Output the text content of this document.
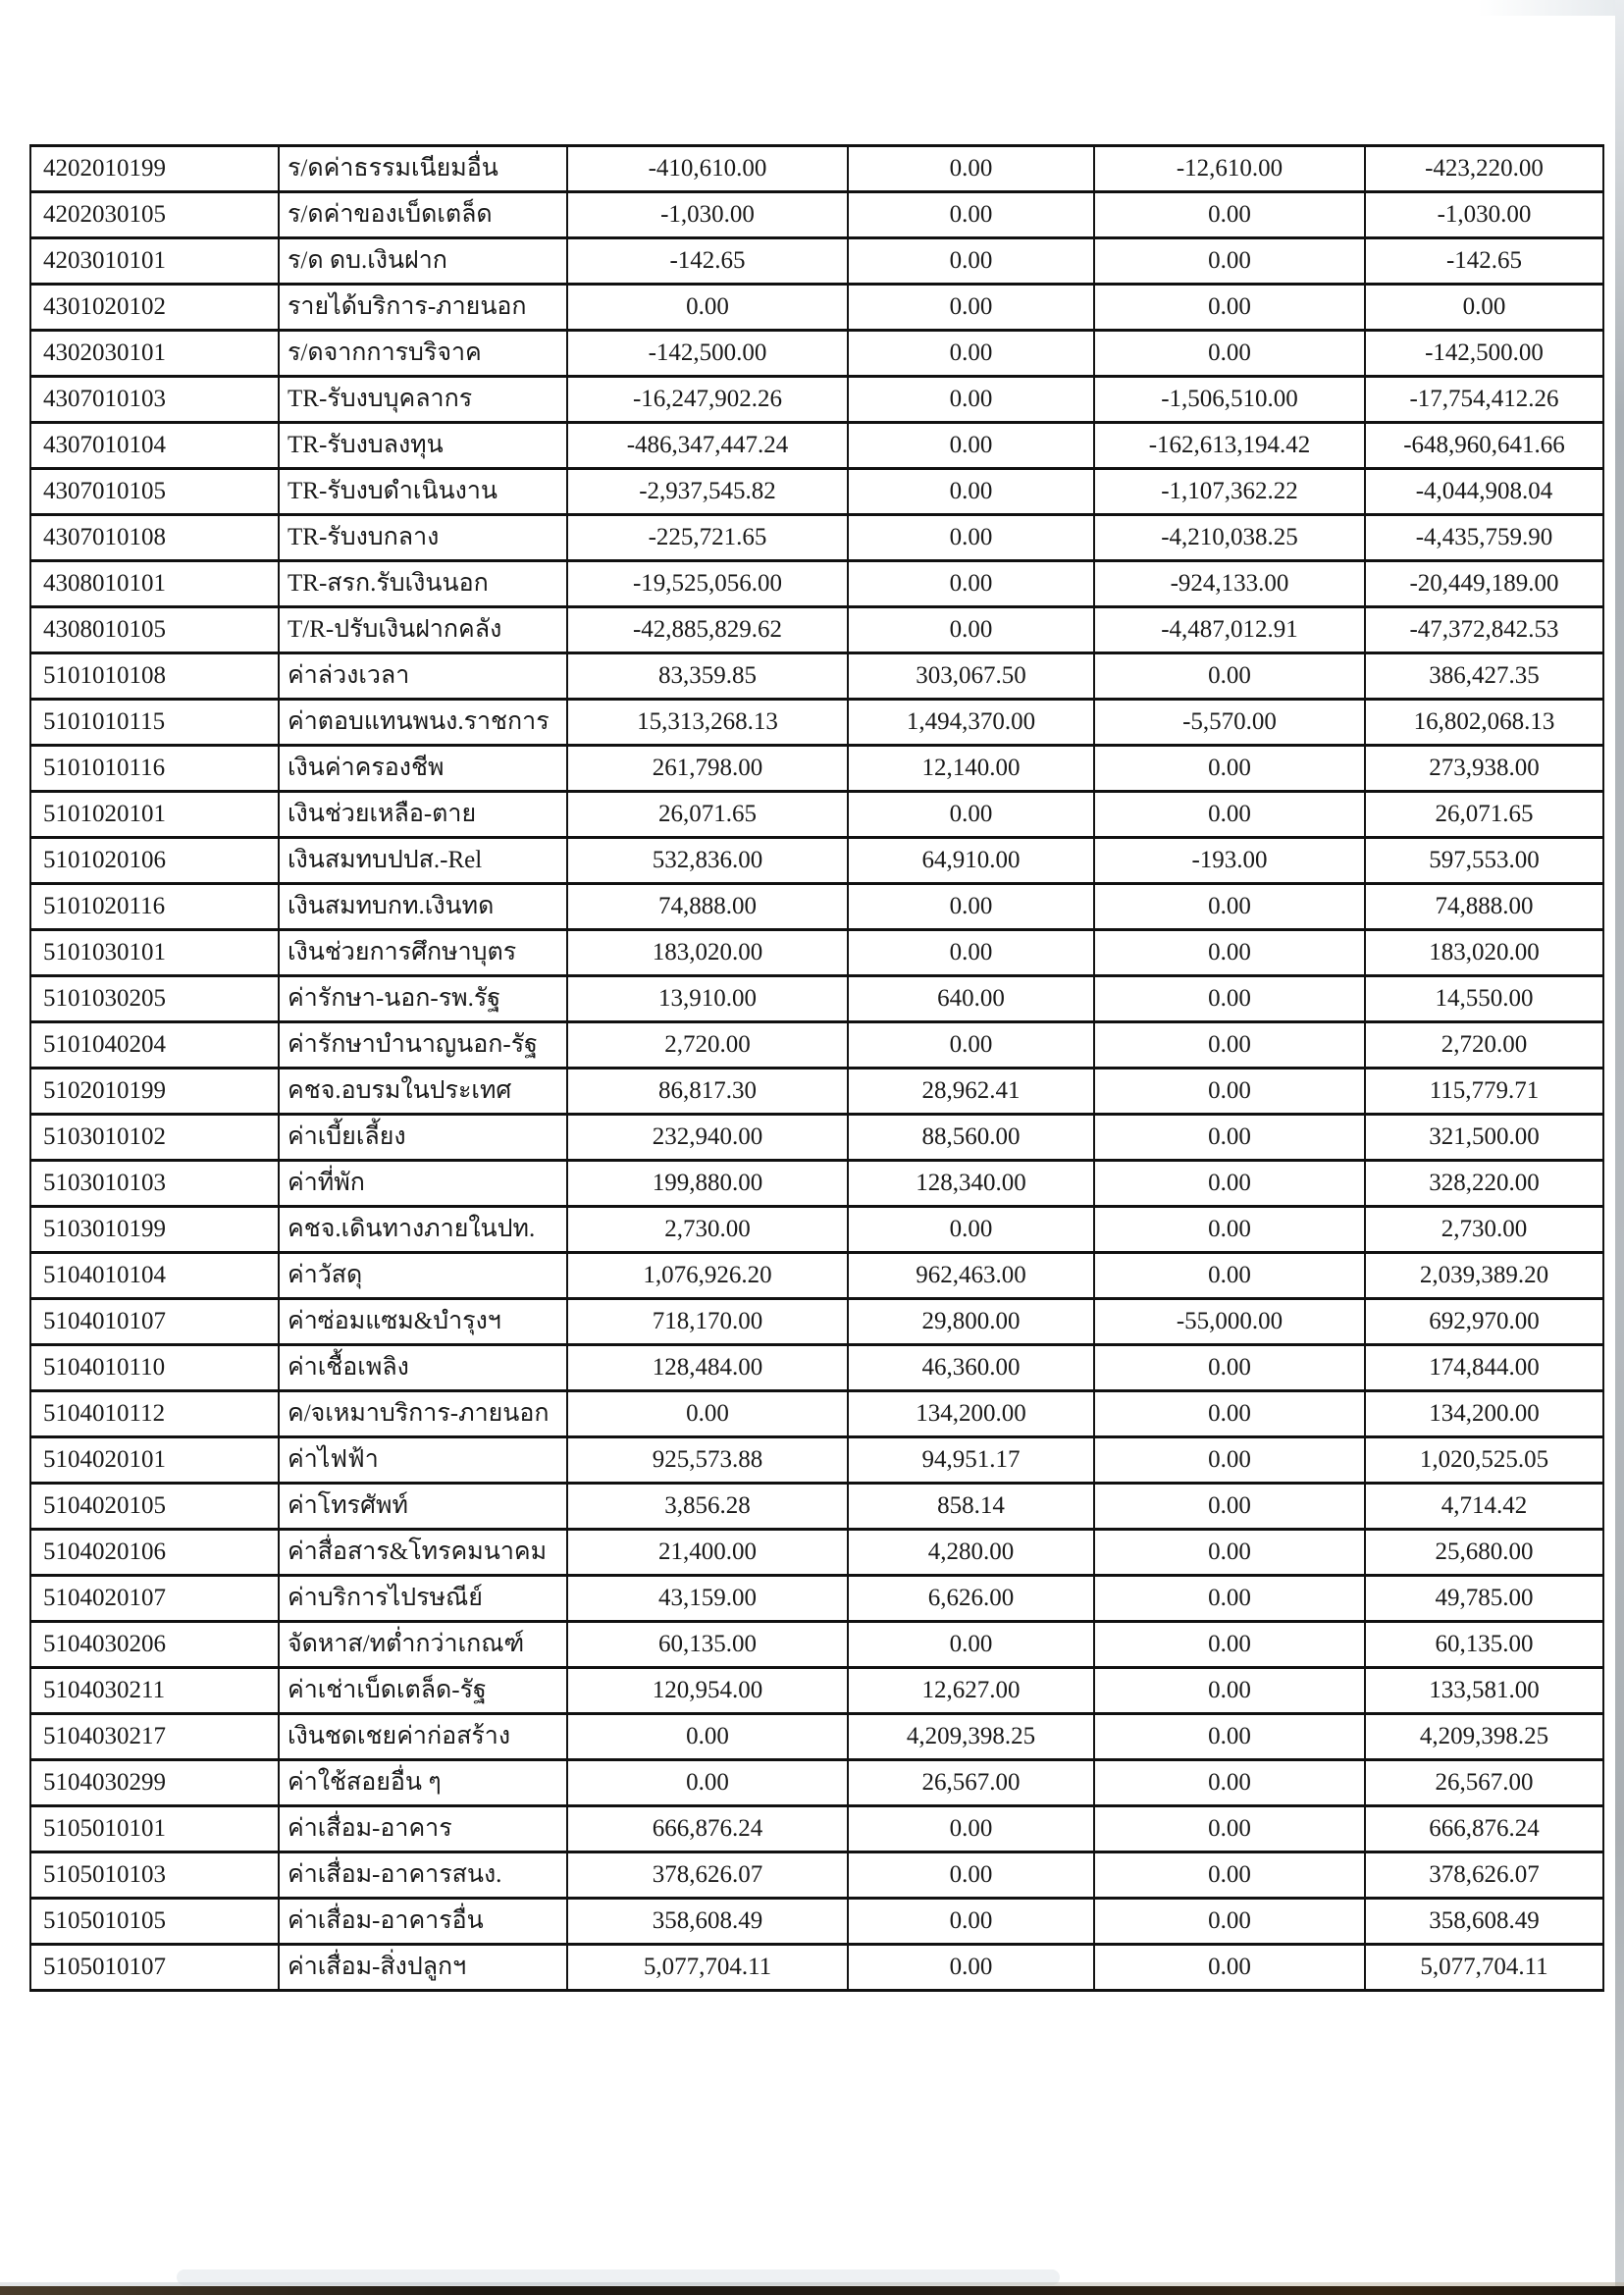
4202010199	ร/ดค่าธรรมเนียมอื่น	-410,610.00	0.00	-12,610.00	-423,220.00
4202030105	ร/ดค่าของเบ็ดเตล็ด	-1,030.00	0.00	0.00	-1,030.00
4203010101	ร/ด ดบ.เงินฝาก	-142.65	0.00	0.00	-142.65
4301020102	รายได้บริการ-ภายนอก	0.00	0.00	0.00	0.00
4302030101	ร/ดจากการบริจาค	-142,500.00	0.00	0.00	-142,500.00
4307010103	TR-รับงบบุคลากร	-16,247,902.26	0.00	-1,506,510.00	-17,754,412.26
4307010104	TR-รับงบลงทุน	-486,347,447.24	0.00	-162,613,194.42	-648,960,641.66
4307010105	TR-รับงบดำเนินงาน	-2,937,545.82	0.00	-1,107,362.22	-4,044,908.04
4307010108	TR-รับงบกลาง	-225,721.65	0.00	-4,210,038.25	-4,435,759.90
4308010101	TR-สรก.รับเงินนอก	-19,525,056.00	0.00	-924,133.00	-20,449,189.00
4308010105	T/R-ปรับเงินฝากคลัง	-42,885,829.62	0.00	-4,487,012.91	-47,372,842.53
5101010108	ค่าล่วงเวลา	83,359.85	303,067.50	0.00	386,427.35
5101010115	ค่าตอบแทนพนง.ราชการ	15,313,268.13	1,494,370.00	-5,570.00	16,802,068.13
5101010116	เงินค่าครองชีพ	261,798.00	12,140.00	0.00	273,938.00
5101020101	เงินช่วยเหลือ-ตาย	26,071.65	0.00	0.00	26,071.65
5101020106	เงินสมทบปปส.-Rel	532,836.00	64,910.00	-193.00	597,553.00
5101020116	เงินสมทบกท.เงินทด	74,888.00	0.00	0.00	74,888.00
5101030101	เงินช่วยการศึกษาบุตร	183,020.00	0.00	0.00	183,020.00
5101030205	ค่ารักษา-นอก-รพ.รัฐ	13,910.00	640.00	0.00	14,550.00
5101040204	ค่ารักษาบำนาญนอก-รัฐ	2,720.00	0.00	0.00	2,720.00
5102010199	คชจ.อบรมในประเทศ	86,817.30	28,962.41	0.00	115,779.71
5103010102	ค่าเบี้ยเลี้ยง	232,940.00	88,560.00	0.00	321,500.00
5103010103	ค่าที่พัก	199,880.00	128,340.00	0.00	328,220.00
5103010199	คชจ.เดินทางภายในปท.	2,730.00	0.00	0.00	2,730.00
5104010104	ค่าวัสดุ	1,076,926.20	962,463.00	0.00	2,039,389.20
5104010107	ค่าซ่อมแซม&บำรุงฯ	718,170.00	29,800.00	-55,000.00	692,970.00
5104010110	ค่าเชื้อเพลิง	128,484.00	46,360.00	0.00	174,844.00
5104010112	ค/จเหมาบริการ-ภายนอก	0.00	134,200.00	0.00	134,200.00
5104020101	ค่าไฟฟ้า	925,573.88	94,951.17	0.00	1,020,525.05
5104020105	ค่าโทรศัพท์	3,856.28	858.14	0.00	4,714.42
5104020106	ค่าสื่อสาร&โทรคมนาคม	21,400.00	4,280.00	0.00	25,680.00
5104020107	ค่าบริการไปรษณีย์	43,159.00	6,626.00	0.00	49,785.00
5104030206	จัดหาส/ทต่ำกว่าเกณฑ์	60,135.00	0.00	0.00	60,135.00
5104030211	ค่าเช่าเบ็ดเตล็ด-รัฐ	120,954.00	12,627.00	0.00	133,581.00
5104030217	เงินชดเชยค่าก่อสร้าง	0.00	4,209,398.25	0.00	4,209,398.25
5104030299	ค่าใช้สอยอื่น ๆ	0.00	26,567.00	0.00	26,567.00
5105010101	ค่าเสื่อม-อาคาร	666,876.24	0.00	0.00	666,876.24
5105010103	ค่าเสื่อม-อาคารสนง.	378,626.07	0.00	0.00	378,626.07
5105010105	ค่าเสื่อม-อาคารอื่น	358,608.49	0.00	0.00	358,608.49
5105010107	ค่าเสื่อม-สิ่งปลูกฯ	5,077,704.11	0.00	0.00	5,077,704.11
